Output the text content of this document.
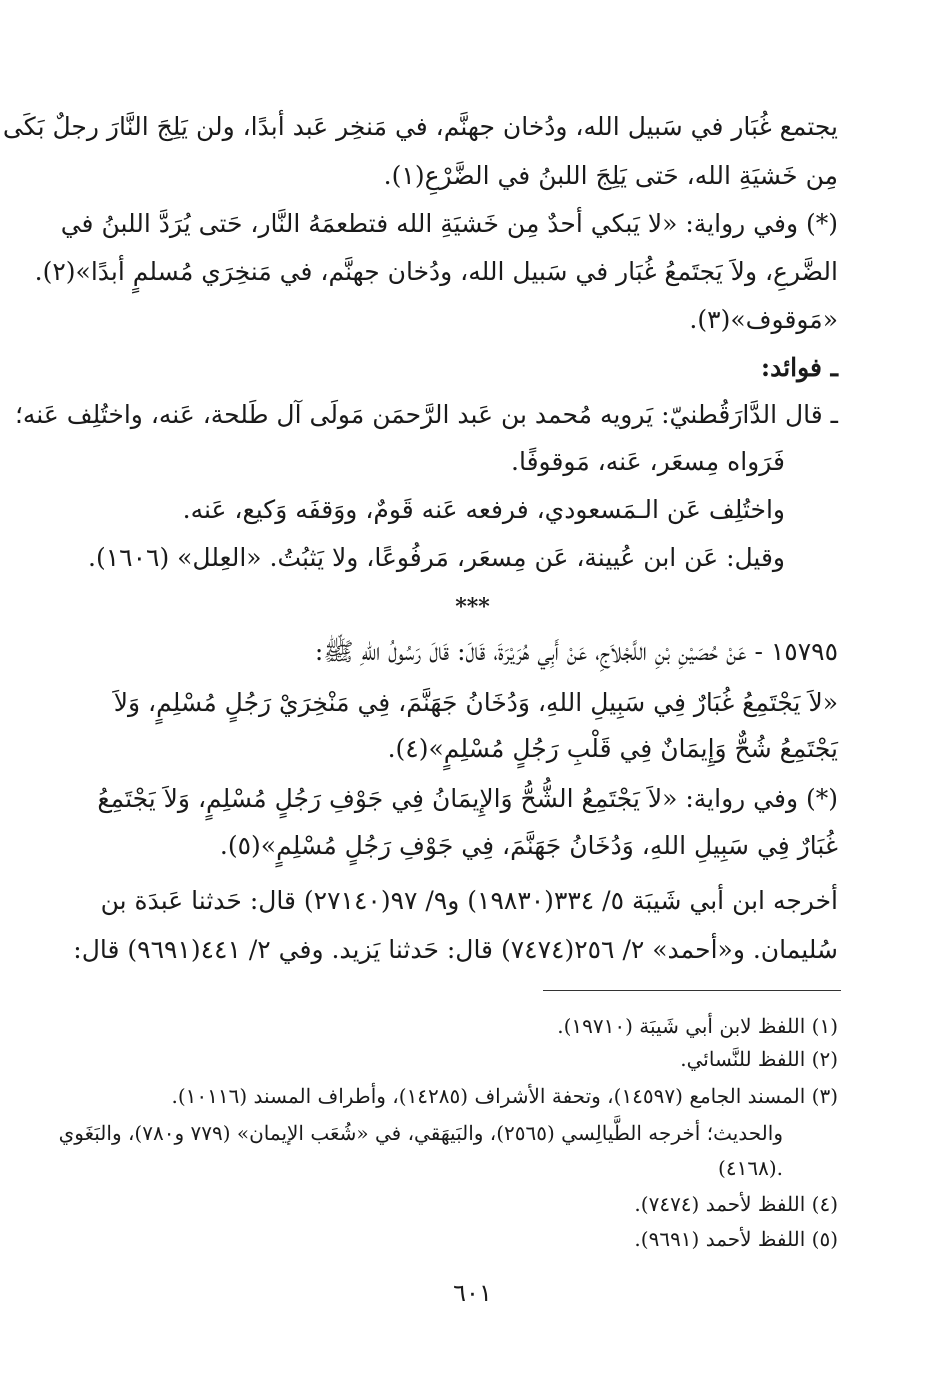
يجتمع غُبَار في سَبيل الله، ودُخان جهنَّم، في مَنخِر عَبد أبدًا، ولن يَلِجَ النَّارَ رجلٌ بَكَى
مِن خَشيَةِ الله، حَتى يَلِجَ اللبنُ في الضَّرْعِ(١).
(*) وفي رواية: «لا يَبكي أحدٌ مِن خَشيَةِ الله فتطعمَهُ النَّار، حَتى يُرَدَّ اللبنُ في
الضَّرعِ، ولاَ يَجتَمعُ غُبَار في سَبيل الله، ودُخان جهنَّم، في مَنخِرَي مُسلمٍ أبدًا»(٢).
«مَوقوف»(٣).
ـ فوائد:
ـ قال الدَّارَقُطنيّ: يَرويه مُحمد بن عَبد الرَّحمَن مَولَى آل طَلحة، عَنه، واختُلِف عَنه؛
فَرَواه مِسعَر، عَنه، مَوقوفًا.
واختُلِف عَن الـمَسعودي، فرفعه عَنه قَومٌ، ووَقفَه وَكيع، عَنه.
وقيل: عَن ابن عُيينة، عَن مِسعَر، مَرفُوعًا، ولا يَثبُتُ. «العِلل» (١٦٠٦).
***
١٥٧٩٥ - عَنْ حُصَيْنِ بْنِ اللَّجْلاَجِ، عَنْ أَبِي هُرَيْرَةَ، قَالَ: قَالَ رَسُولُ اللهِ ﷺ:
«لاَ يَجْتَمِعُ غُبَارٌ فِي سَبِيلِ اللهِ، وَدُخَانُ جَهَنَّمَ، فِي مَنْخِرَيْ رَجُلٍ مُسْلِمٍ، وَلاَ
يَجْتَمِعُ شُحٌّ وَإِيمَانٌ فِي قَلْبِ رَجُلٍ مُسْلِمٍ»(٤).
(*) وفي رواية: «لاَ يَجْتَمِعُ الشُّحُّ وَالإِيمَانُ فِي جَوْفِ رَجُلٍ مُسْلِمٍ، وَلاَ يَجْتَمِعُ
غُبَارٌ فِي سَبِيلِ اللهِ، وَدُخَانُ جَهَنَّمَ، فِي جَوْفِ رَجُلٍ مُسْلِمٍ»(٥).
أخرجه ابن أبي شَيبَة ٥/ ٣٣٤(١٩٨٣٠) و٩/ ٩٧(٢٧١٤٠) قال: حَدثنا عَبدَة بن
سُليمان. و«أحمد» ٢/ ٢٥٦(٧٤٧٤) قال: حَدثنا يَزيد. وفي ٢/ ٤٤١(٩٦٩١) قال:
(١) اللفظ لابن أبي شَيبَة (١٩٧١٠).
(٢) اللفظ للنَّسائي.
(٣) المسند الجامع (١٤٥٩٧)، وتحفة الأشراف (١٤٢٨٥)، وأطراف المسند (١٠١١٦).
والحديث؛ أخرجه الطَّيالِسي (٢٥٦٥)، والبَيهَقي، في «شُعَب الإيمان» (٧٧٩ و٧٨٠)، والبَغَوي
(٤١٦٨).
(٤) اللفظ لأحمد (٧٤٧٤).
(٥) اللفظ لأحمد (٩٦٩١).
٦٠١
